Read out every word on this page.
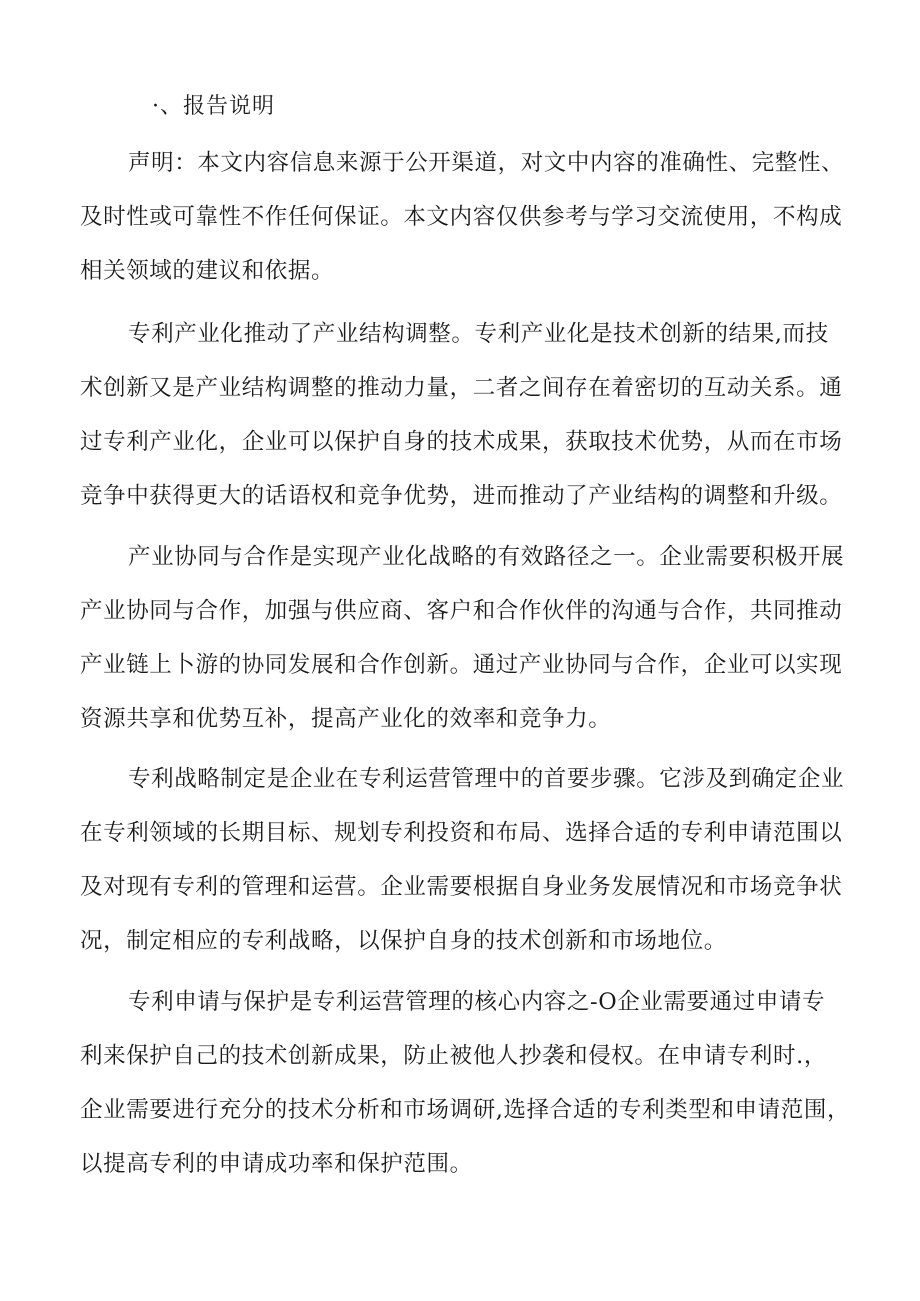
·、报告说明
声明：本文内容信息来源于公开渠道，对文中内容的准确性、完整性、
及时性或可靠性不作任何保证。本文内容仅供参考与学习交流使用，不构成
相关领域的建议和依据。
专利产业化推动了产业结构调整。专利产业化是技术创新的结果,而技
术创新又是产业结构调整的推动力量，二者之间存在着密切的互动关系。通
过专利产业化，企业可以保护自身的技术成果，获取技术优势，从而在市场
竞争中获得更大的话语权和竞争优势，进而推动了产业结构的调整和升级。
产业协同与合作是实现产业化战略的有效路径之一。企业需要积极开展
产业协同与合作，加强与供应商、客户和合作伙伴的沟通与合作，共同推动
产业链上卜游的协同发展和合作创新。通过产业协同与合作，企业可以实现
资源共享和优势互补，提高产业化的效率和竞争力。
专利战略制定是企业在专利运营管理中的首要步骤。它涉及到确定企业
在专利领域的长期目标、规划专利投资和布局、选择合适的专利申请范围以
及对现有专利的管理和运营。企业需要根据自身业务发展情况和市场竞争状
况，制定相应的专利战略，以保护自身的技术创新和市场地位。
专利申请与保护是专利运营管理的核心内容之-O企业需要通过申请专
利来保护自己的技术创新成果，防止被他人抄袭和侵权。在申请专利时.，
企业需要进行充分的技术分析和市场调研,选择合适的专利类型和申请范围，
以提高专利的申请成功率和保护范围。
